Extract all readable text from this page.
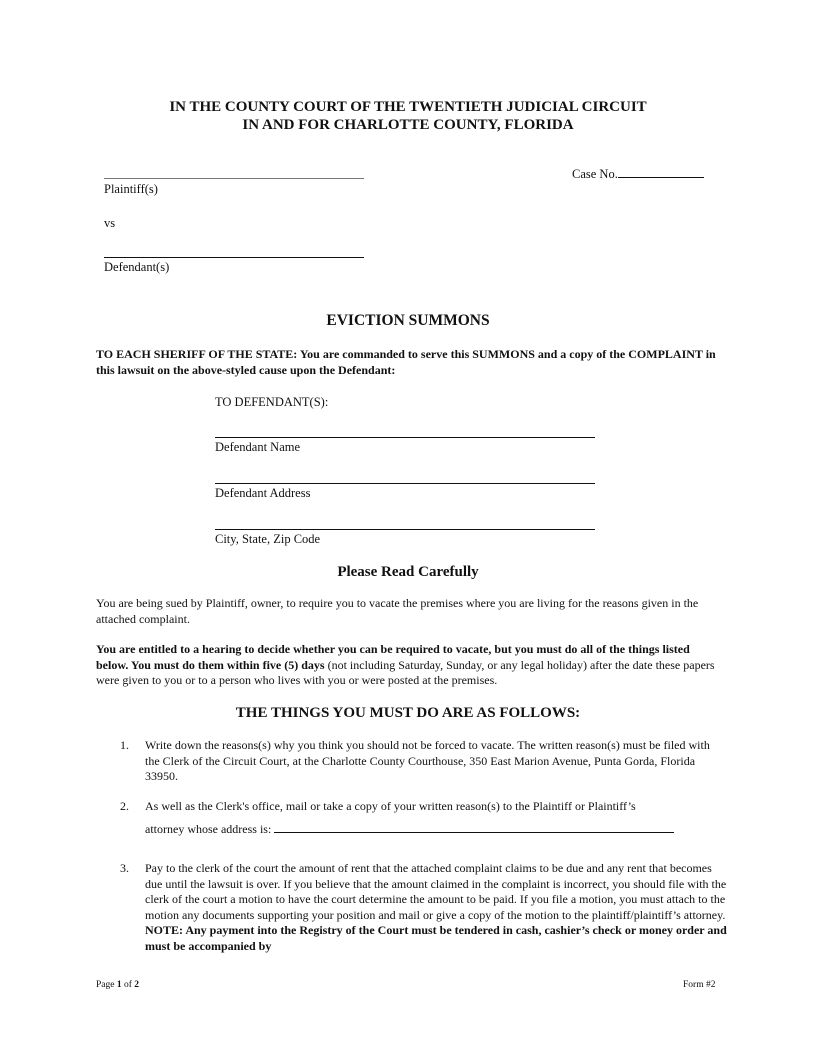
IN THE COUNTY COURT OF THE TWENTIETH JUDICIAL CIRCUIT
IN AND FOR CHARLOTTE COUNTY, FLORIDA
Plaintiff(s)
Case No.
vs
Defendant(s)
EVICTION SUMMONS
TO EACH SHERIFF OF THE STATE: You are commanded to serve this SUMMONS and a copy of the COMPLAINT in this lawsuit on the above-styled cause upon the Defendant:
TO DEFENDANT(S):
Defendant Name
Defendant Address
City, State, Zip Code
Please Read Carefully
You are being sued by Plaintiff, owner, to require you to vacate the premises where you are living for the reasons given in the attached complaint.
You are entitled to a hearing to decide whether you can be required to vacate, but you must do all of the things listed below. You must do them within five (5) days (not including Saturday, Sunday, or any legal holiday) after the date these papers were given to you or to a person who lives with you or were posted at the premises.
THE THINGS YOU MUST DO ARE AS FOLLOWS:
1. Write down the reasons(s) why you think you should not be forced to vacate. The written reason(s) must be filed with the Clerk of the Circuit Court, at the Charlotte County Courthouse, 350 East Marion Avenue, Punta Gorda, Florida 33950.
2. As well as the Clerk's office, mail or take a copy of your written reason(s) to the Plaintiff or Plaintiff’s
attorney whose address is:
3. Pay to the clerk of the court the amount of rent that the attached complaint claims to be due and any rent that becomes due until the lawsuit is over. If you believe that the amount claimed in the complaint is incorrect, you should file with the clerk of the court a motion to have the court determine the amount to be paid. If you file a motion, you must attach to the motion any documents supporting your position and mail or give a copy of the motion to the plaintiff/plaintiff’s attorney. NOTE: Any payment into the Registry of the Court must be tendered in cash, cashier’s check or money order and must be accompanied by
Page 1 of 2	Form #2
